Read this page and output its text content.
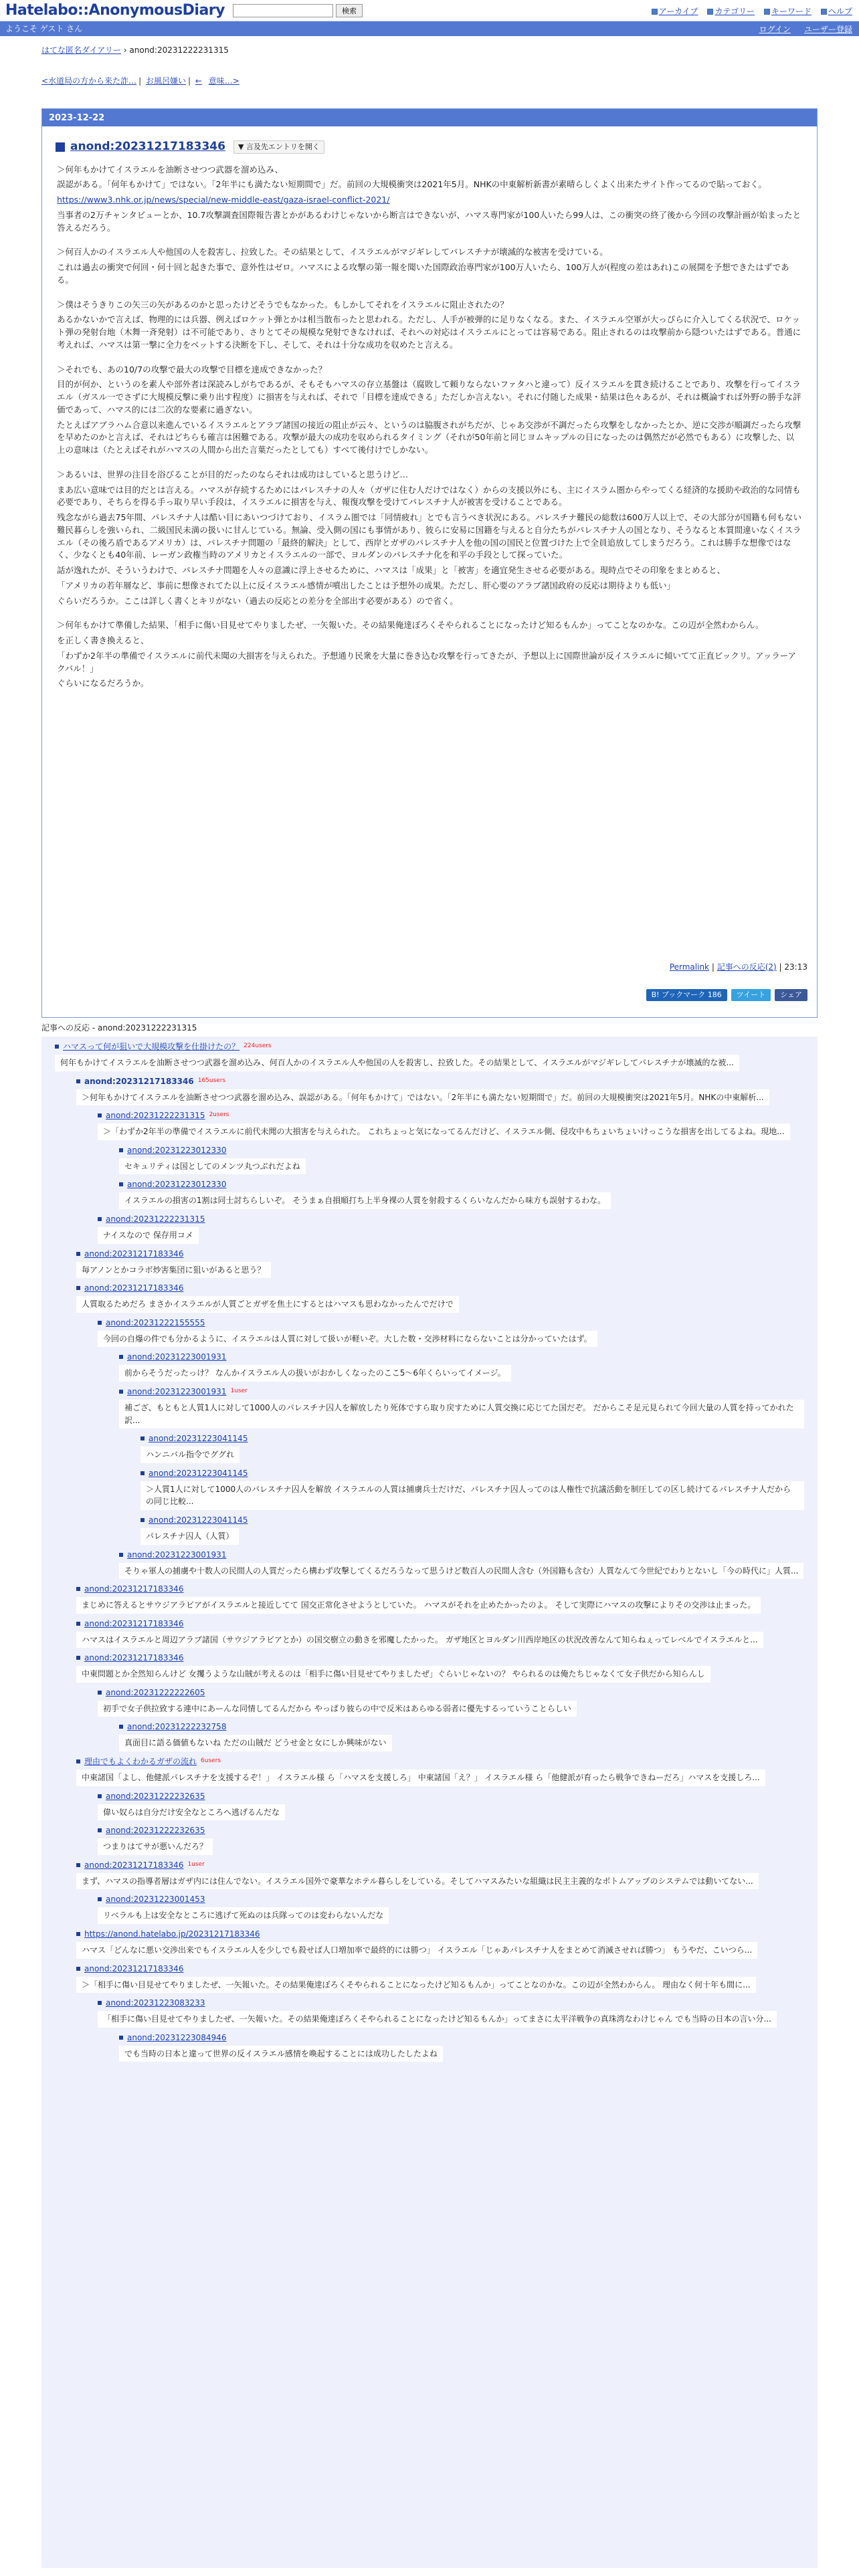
Hatelabo::AnonymousDiary	検索	アーカイブ カテゴリー キーワード ヘルプ
ようこそ ゲスト さん	ログイン ユーザー登録
はてな匿名ダイアリー › anond:20231222231315
<水道局の方から来た詐… | お風呂嫌い | ← 意味…>
2023-12-22
anond:20231217183346	▼ 言及先エントリを開く

＞何年もかけてイスラエルを油断させつつ武器を溜め込み、

誤認がある。「何年もかけて」ではない。「2年半にも満たない短期間で」だ。前回の大規模衝突は2021年5月。NHKの中東解析新書が素晴らしくよく出来たサイト作ってるので貼っておく。

https://www3.nhk.or.jp/news/special/new-middle-east/gaza-israel-conflict-2021/

当事者の2万チャンタビューとか、10.7攻撃調査国際報告書とかがあるわけじゃないから断言はできないが、ハマス専門家が100人いたら99人は、この衝突の終了後から今回の攻撃計画が始まったと答えるだろう。

＞何百人かのイスラエル人や他国の人を殺害し、拉致した。その結果として、イスラエルがマジギレしてパレスチナが壊滅的な被害を受けている。

これは過去の衝突で何回・何十回と起きた事で、意外性はゼロ。ハマスによる攻撃の第一報を聞いた国際政治専門家が100万人いたら、100万人が(程度の差はあれ)この展開を予想できたはずである。

＞僕はそうきりこの矢三の矢があるのかと思ったけどそうでもなかった。もしかしてそれをイスラエルに阻止されたの？

あるかないかで言えば、物理的には兵器、例えばロケット弾とかは相当散布ったと思われる。ただし、人手が被弾的に足りなくなる。また、イスラエル空軍が大っぴらに介入してくる状況で、ロケット弾の発射台地（木舞一斉発射）は不可能であり、さりとてその規模な発射できなければ、それへの対応はイスラエルにとっては容易である。阻止されるのは攻撃前から隠ついたはずである。普通に考えれば、ハマスは第一撃に全力をベットする決断を下し、そして、それは十分な成功を収めたと言える。

＞それでも、あの10/7の攻撃で最大の攻撃で目標を達成できなかった？

目的が何か、というのを素人や部外者は深読みしがちであるが、そもそもハマスの存立基盤は（腐敗して頼りならないファタハと違って）反イスラエルを貫き続けることであり、攻撃を行ってイスラエル（ガスル一でさずに大規模反撃に乗り出す程度）に損害を与えれば、それで「目標を達成できる」ただしか言えない。それに付随した成果・結果は色々あるが、それは概論すれば外野の勝手な評価であって、ハマス的には二次的な要素に過ぎない。

たとえばアブラハム合意以来進んでいるイスラエルとアラブ諸国の接近の阻止が云々、というのは脇腹されがちだが、じゃあ交渉が不調だったら攻撃をしなかったとか、逆に交渉が順調だったら攻撃を早めたのかと言えば、それはどちらも確言は困難である。攻撃が最大の成功を収められるタイミング（それが50年前と同じヨムキップルの日になったのは偶然だが必然でもある）に攻撃した、以上の意味は（たとえばそれがハマスの人間から出た言葉だったとしても）すべて後付けでしかない。

＞あるいは、世界の注目を浴びることが目的だったのならそれは成功はしていると思うけど…

まあ広い意味では目的だとは言える。ハマスが存続するためにはパレスチナの人々（ガザに住む人だけではなく）からの支援以外にも、主にイスラム圏からやってくる経済的な援助や政治的な同情も必要であり、そちらを得る手っ取り早い手段は、イスラエルに損害を与え、報復攻撃を受けてパレスチナ人が被害を受けることである。

残念ながら過去75年間、パレスチナ人は酷い目にあいつづけており、イスラム圏では「同情疲れ」とでも言うべき状況にある。パレスチナ難民の総数は600万人以上で、その大部分が国籍も何もない難民暮らしを強いられ、二級国民未満の扱いに甘んじている。無論、受入側の国にも事情があり、彼らに安易に国籍を与えると自分たちがパレスチナ人の国となり、そうなると本質間違いなくイスラエル（その後ろ盾であるアメリカ）は、パレスチナ問題の「最終的解決」として、西岸とガザのパレスチナ人を他の国の国民と位置づけた上で全員追放してしまうだろう。これは勝手な想像ではなく、少なくとも40年前、レーガン政権当時のアメリカとイスラエルの一部で、ヨルダンのパレスチナ化を和平の手段として探っていた。

話が逸れたが、そういうわけで、パレスチナ問題を人々の意識に浮上させるために、ハマスは「成果」と「被害」を適宜発生させる必要がある。現時点でその印象をまとめると、

「アメリカの若年層など、事前に想像されてた以上に反イスラエル感情が噴出したことは予想外の成果。ただし、肝心要のアラブ諸国政府の反応は期待よりも低い」

ぐらいだろうか。ここは詳しく書くとキリがない（過去の反応との差分を全部出す必要がある）ので省く。

＞何年もかけて準備した結果、「相手に傷い目見せてやりましたぜ、一矢報いた。その結果俺達ぼろくそやられることになったけど知るもんか」ってことなのかな。この辺が全然わからん。

を正しく書き換えると、

「わずか2年半の準備でイスラエルに前代未聞の大損害を与えられた。予想通り民衆を大量に巻き込む攻撃を行ってきたが、予想以上に国際世論が反イスラエルに傾いてて正直ビックリ。アッラーアクバル！」

ぐらいになるだろうか。

Permalink | 記事への反応(2) | 23:13
B! ブックマーク 186	ツイート	シェア
記事への反応 - anond:20231222231315
ハマスって何が狙いで大規模攻撃を仕掛けたの？ 224users
何年もかけてイスラエルを油断させつつ武器を溜め込み、何百人かのイスラエル人や他国の人を殺害し、拉致した。その結果として、イスラエルがマジギレしてパレスチナが壊滅的な被...
anond:20231217183346 165users
＞何年もかけてイスラエルを油断させつつ武器を溜め込み、誤認がある。「何年もかけて」ではない。「2年半にも満たない短期間で」だ。前回の大規模衝突は2021年5月。NHKの中東解析...
anond:20231222231315 2users
＞「わずか2年半の準備でイスラエルに前代未聞の大損害を与えられた。 これちょっと気になってるんだけど、イスラエル側、侵攻中もちょいちょいけっこうな損害を出してるよね。現地...
anond:20231223012330
セキュリティは国としてのメンツ丸つぶれだよね
anond:20231223012330
イスラエルの損害の1割は同士討ちらしいぞ。 そうまぁ自損順打ち上半身裸の人質を射殺するくらいなんだから味方も誤射するわな。
anond:20231222231315
ナイスなので 保存用コメ
anond:20231217183346
毎アノンとかコラボ炒害集団に狙いがあると思う？
anond:20231217183346
人質取るためだろ まさかイスラエルが人質ごとガザを焦土にするとはハマスも思わなかったんでだけで
anond:20231222155555
今回の自爆の件でも分かるように、イスラエルは人質に対して扱いが軽いぞ。大した数・交渉材料にならないことは分かっていたはず。
anond:20231223001931
前からそうだったっけ？ なんかイスラエル人の扱いがおかしくなったのここ5～6年くらいってイメージ。
anond:20231223001931 1user
補ござ、もともと人質1人に対して1000人のパレスチナ囚人を解放したり死体ですら取り戻すために人質交換に応じてた国だぞ。 だからこそ足元見られて今回大量の人質を持ってかれた訳...
anond:20231223041145
ハンニバル指令でググれ
anond:20231223041145
＞人質1人に対して1000人のパレスチナ囚人を解放 イスラエルの人質は捕虜兵士だけだ、パレスチナ囚人ってのは人権性で抗議活動を制圧しての区し続けてるパレスチナ人だからの同じ比較...
anond:20231223041145
パレスチナ囚人（人質）
anond:20231223001931
そりゃ軍人の捕虜や十数人の民間人の人質だったら構わず攻撃してくるだろうなって思うけど数百人の民間人含む（外国籍も含む）人質なんて今世紀でわりとないし「今の時代に」人質...
anond:20231217183346
まじめに答えるとサウジアラビアがイスラエルと接近してて 国交正常化させようとしていた。 ハマスがそれを止めたかったのよ。 そして実際にハマスの攻撃によりその交渉は止まった。
anond:20231217183346
ハマスはイスラエルと周辺アラブ諸国（サウジアラビアとか）の国交樹立の動きを邪魔したかった。 ガザ地区とヨルダン川西岸地区の状況改善なんて知らねぇってレベルでイスラエルと...
anond:20231217183346
中東問題とか全然知らんけど 女攫うような山賊が考えるのは「相手に傷い目見せてやりましたぜ」ぐらいじゃないの？ やられるのは俺たちじゃなくて女子供だから知らんし
anond:20231222222605
初手で女子供拉致する連中にあーんな同情してるんだから やっぱり彼らの中で反米はあらゆる弱者に優先するっていうことらしい
anond:20231222232758
真面目に語る価値もないね ただの山賊だ どうせ金と女にしか興味がない
理由でもよくわかるガザの流れ 6users
中東諸国「よし、他健派パレスチナを支援するぞ！」 イスラエル様 ら「ハマスを支援しろ」 中東諸国「え？」 イスラエル様 ら「他健派が育ったら戦争できねーだろ」ハマスを支援しろ...
anond:20231222232635
偉い奴らは自分だけ安全なところへ逃げるんだな
anond:20231222232635
つまりはてサが悪いんだろ？
anond:20231217183346 1user
まず、ハマスの指導者層はガザ内には住んでない。イスラエル国外で豪華なホテル暮らしをしている。そしてハマスみたいな組織は民主主義的なボトムアップのシステムでは動いてない...
anond:20231223001453
リベラルも上は安全なところに逃げて死ぬのは兵隊ってのは変わらないんだな
https://anond.hatelabo.jp/20231217183346
ハマス「どんなに悪い交渉出来でもイスラエル人を少しでも殺せば人口増加率で最終的には勝つ」 イスラエル「じゃあパレスチナ人をまとめて消滅させれば勝つ」 もうやだ、こいつら...
anond:20231217183346
＞「相手に傷い目見せてやりましたぜ、一矢報いた。その結果俺達ぼろくそやられることになったけど知るもんか」ってことなのかな。この辺が全然わからん。 理由なく何十年も間に...
anond:20231223083233
「相手に傷い目見せてやりましたぜ、一矢報いた。その結果俺達ぼろくそやられることになったけど知るもんか」ってまさに太平洋戦争の真珠湾なわけじゃん でも当時の日本の言い分...
anond:20231223084946
でも当時の日本と違って世界の反イスラエル感情を喚起することには成功したしたよね
